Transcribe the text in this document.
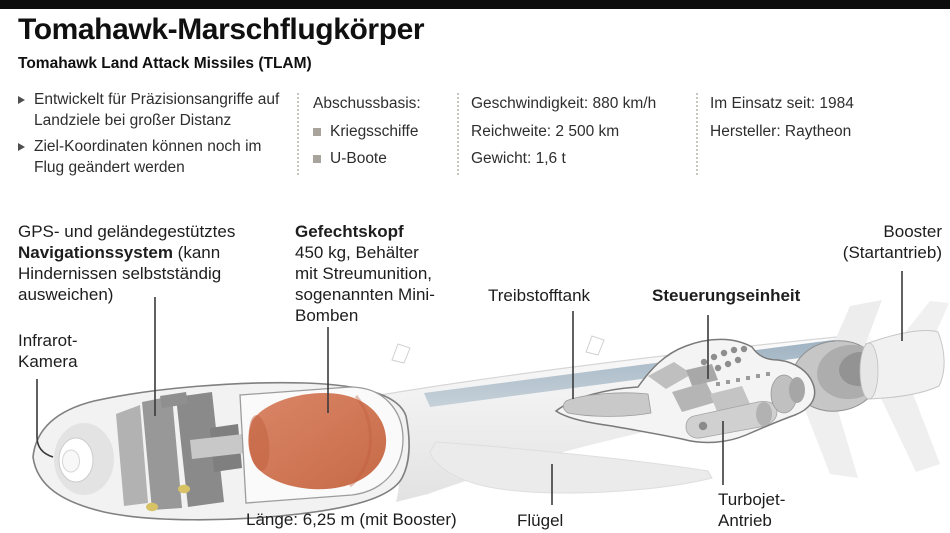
Tomahawk-Marschflugkörper
Tomahawk Land Attack Missiles (TLAM)
Entwickelt für Präzisionsangriffe auf Landziele bei großer Distanz
Ziel-Koordinaten können noch im Flug geändert werden
Abschussbasis:
Kriegsschiffe
U-Boote
Geschwindigkeit: 880 km/h
Reichweite: 2 500 km
Gewicht: 1,6 t
Im Einsatz seit: 1984
Hersteller: Raytheon
GPS- und geländegestütztes Navigationssystem (kann Hindernissen selbstständig ausweichen)
Infrarot-Kamera
Gefechtskopf
450 kg, Behälter mit Streumunition, sogenannten Mini-Bomben
Treibstofftank	Steuerungseinheit
Booster (Startantrieb)
Turbojet-Antrieb
Flügel
Länge: 6,25 m (mit Booster)
